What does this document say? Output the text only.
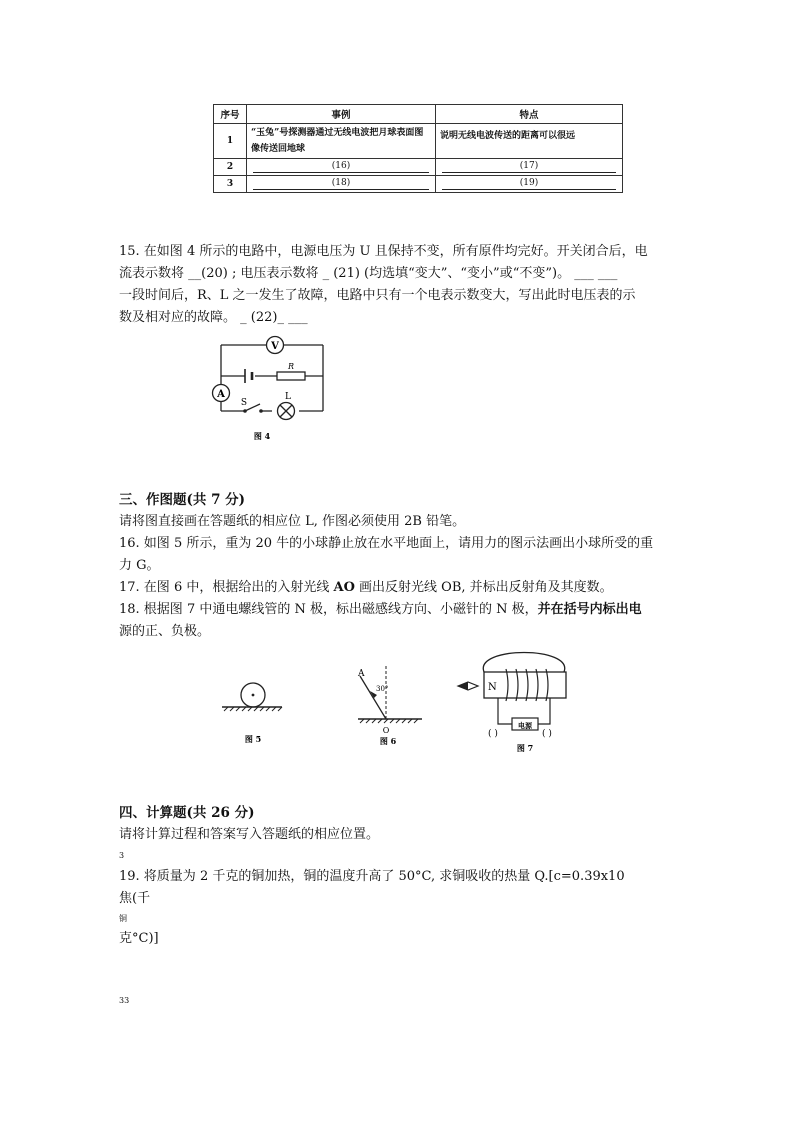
序号	事例	特点
1	“玉兔”号探测器通过无线电波把月球表面图像传送回地球	说明无线电波传送的距离可以很远
2	(16)	(17)

3	(18)	(19)
15. 在如图 4 所示的电路中，电源电压为 U 且保持不变，所有原件均完好。开关闭合后，电
流表示数将 __(20) ; 电压表示数将 _ (21) (均选填“变大”、“变小”或“不变”)。 ___ ___
一段时间后，R、L 之一发生了故障，电路中只有一个电表示数变大，写出此时电压表的示
数及相对应的故障。 _ (22)_ ___
V
A
R
S
L
图 4
三、作图题(共 7 分)
请将图直接画在答题纸的相应位 L, 作图必须使用 2B 铅笔。
16. 如图 5 所示，重为 20 牛的小球静止放在水平地面上，请用力的图示法画出小球所受的重
力 G。
17. 在图 6 中，根据给出的入射光线 AO 画出反射光线 OB, 并标出反射角及其度数。
18. 根据图 7 中通电螺线管的 N 极，标出磁感线方向、小磁针的 N 极，并在括号内标出电
源的正、负极。
图 5
A
30°
O
图 6
N
电源
( )	( )
图 7
四、计算题(共 26 分)
请将计算过程和答案写入答题纸的相应位置。
3
19. 将质量为 2 千克的铜加热，铜的温度升高了 50°C, 求铜吸收的热量 Q.[c=0.39x10
焦(千
铜
克°C)]
33
